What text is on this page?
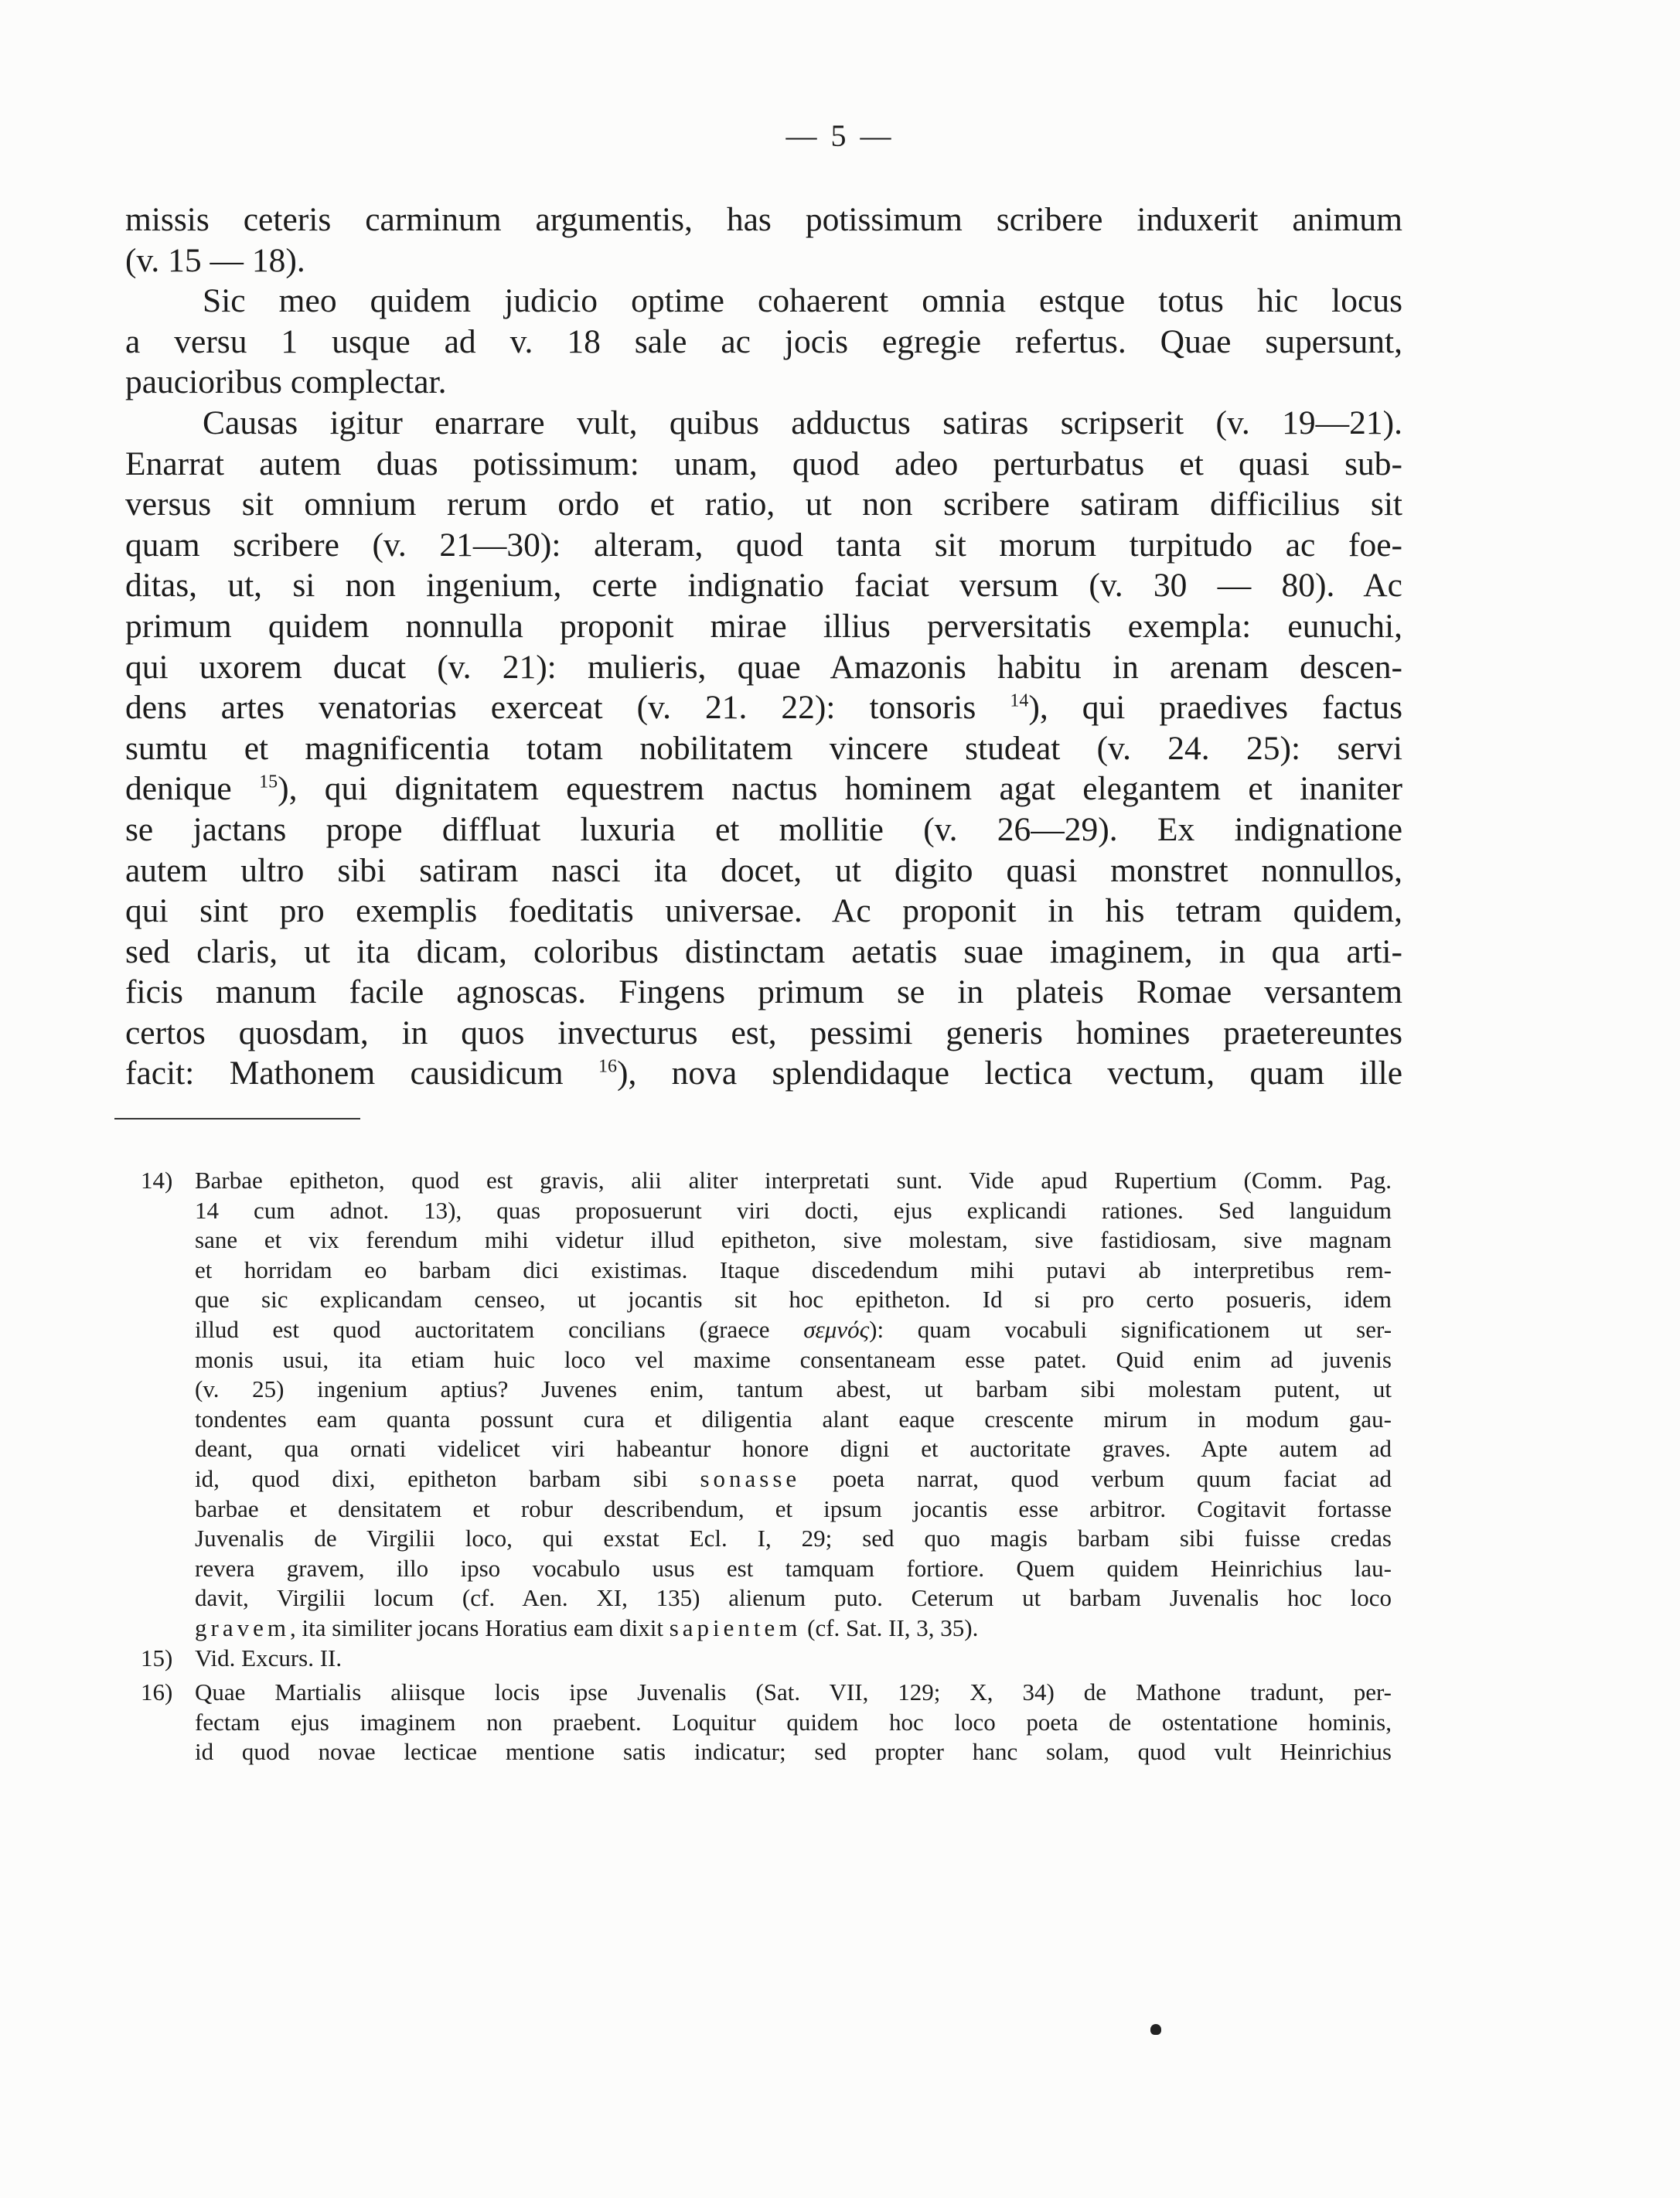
— 5 —
missis ceteris carminum argumentis, has potissimum scribere induxerit animum
(v. 15 — 18).
Sic meo quidem judicio optime cohaerent omnia estque totus hic locus
a versu 1 usque ad v. 18 sale ac jocis egregie refertus. Quae supersunt,
paucioribus complectar.
Causas igitur enarrare vult, quibus adductus satiras scripserit (v. 19—21).
Enarrat autem duas potissimum: unam, quod adeo perturbatus et quasi sub-
versus sit omnium rerum ordo et ratio, ut non scribere satiram difficilius sit
quam scribere (v. 21—30): alteram, quod tanta sit morum turpitudo ac foe-
ditas, ut, si non ingenium, certe indignatio faciat versum (v. 30 — 80). Ac
primum quidem nonnulla proponit mirae illius perversitatis exempla: eunuchi,
qui uxorem ducat (v. 21): mulieris, quae Amazonis habitu in arenam descen-
dens artes venatorias exerceat (v. 21. 22): tonsoris $^{14}$), qui praedives factus
sumtu et magnificentia totam nobilitatem vincere studeat (v. 24. 25): servi
denique $^{15}$), qui dignitatem equestrem nactus hominem agat elegantem et inaniter
se jactans prope diffluat luxuria et mollitie (v. 26—29). Ex indignatione
autem ultro sibi satiram nasci ita docet, ut digito quasi monstret nonnullos,
qui sint pro exemplis foeditatis universae. Ac proponit in his tetram quidem,
sed claris, ut ita dicam, coloribus distinctam aetatis suae imaginem, in qua arti-
ficis manum facile agnoscas. Fingens primum se in plateis Romae versantem
certos quosdam, in quos invecturus est, pessimi generis homines praetereuntes
facit: Mathonem causidicum $^{16}$), nova splendidaque lectica vectum, quam ille
14) Barbae epitheton, quod est gravis, alii aliter interpretati sunt. Vide apud Rupertium (Comm. Pag.
14 cum adnot. 13), quas proposuerunt viri docti, ejus explicandi rationes. Sed languidum
sane et vix ferendum mihi videtur illud epitheton, sive molestam, sive fastidiosam, sive magnam
et horridam eo barbam dici existimas. Itaque discedendum mihi putavi ab interpretibus rem-
que sic explicandam censeo, ut jocantis sit hoc epitheton. Id si pro certo posueris, idem
illud est quod auctoritatem concilians (graece σεμνός): quam vocabuli significationem ut ser-
monis usui, ita etiam huic loco vel maxime consentaneam esse patet. Quid enim ad juvenis
(v. 25) ingenium aptius? Juvenes enim, tantum abest, ut barbam sibi molestam putent, ut
tondentes eam quanta possunt cura et diligentia alant eaque crescente mirum in modum gau-
deant, qua ornati videlicet viri habeantur honore digni et auctoritate graves. Apte autem ad
id, quod dixi, epitheton barbam sibi sonasse poeta narrat, quod verbum quum faciat ad
barbae et densitatem et robur describendum, et ipsum jocantis esse arbitror. Cogitavit fortasse
Juvenalis de Virgilii loco, qui exstat Ecl. I, 29; sed quo magis barbam sibi fuisse credas
revera gravem, illo ipso vocabulo usus est tamquam fortiore. Quem quidem Heinrichius lau-
davit, Virgilii locum (cf. Aen. XI, 135) alienum puto. Ceterum ut barbam Juvenalis hoc loco
gravem, ita similiter jocans Horatius eam dixit sapientem (cf. Sat. II, 3, 35).
15) Vid. Excurs. II.
16) Quae Martialis aliisque locis ipse Juvenalis (Sat. VII, 129; X, 34) de Mathone tradunt, per-
fectam ejus imaginem non praebent. Loquitur quidem hoc loco poeta de ostentatione hominis,
id quod novae lecticae mentione satis indicatur; sed propter hanc solam, quod vult Heinrichius
